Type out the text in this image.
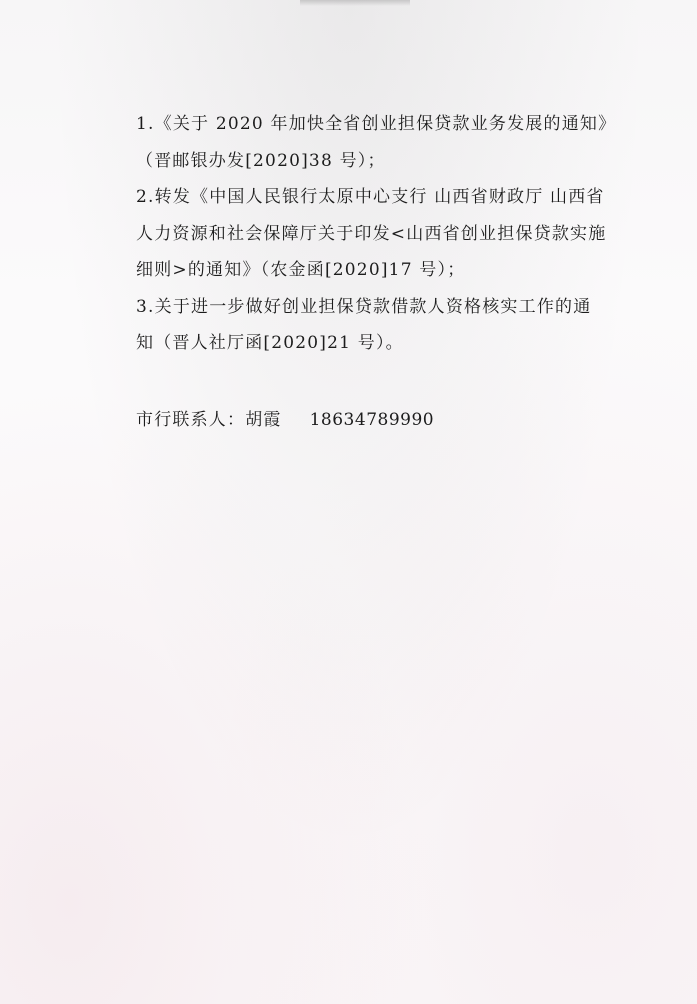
1.《关于 2020 年加快全省创业担保贷款业务发展的通知》
（晋邮银办发[2020]38 号）；
2.转发《中国人民银行太原中心支行 山西省财政厅 山西省
人力资源和社会保障厅关于印发<山西省创业担保贷款实施
细则>的通知》（农金函[2020]17 号）；
3.关于进一步做好创业担保贷款借款人资格核实工作的通
知（晋人社厅函[2020]21 号）。
市行联系人：胡霞 18634789990
